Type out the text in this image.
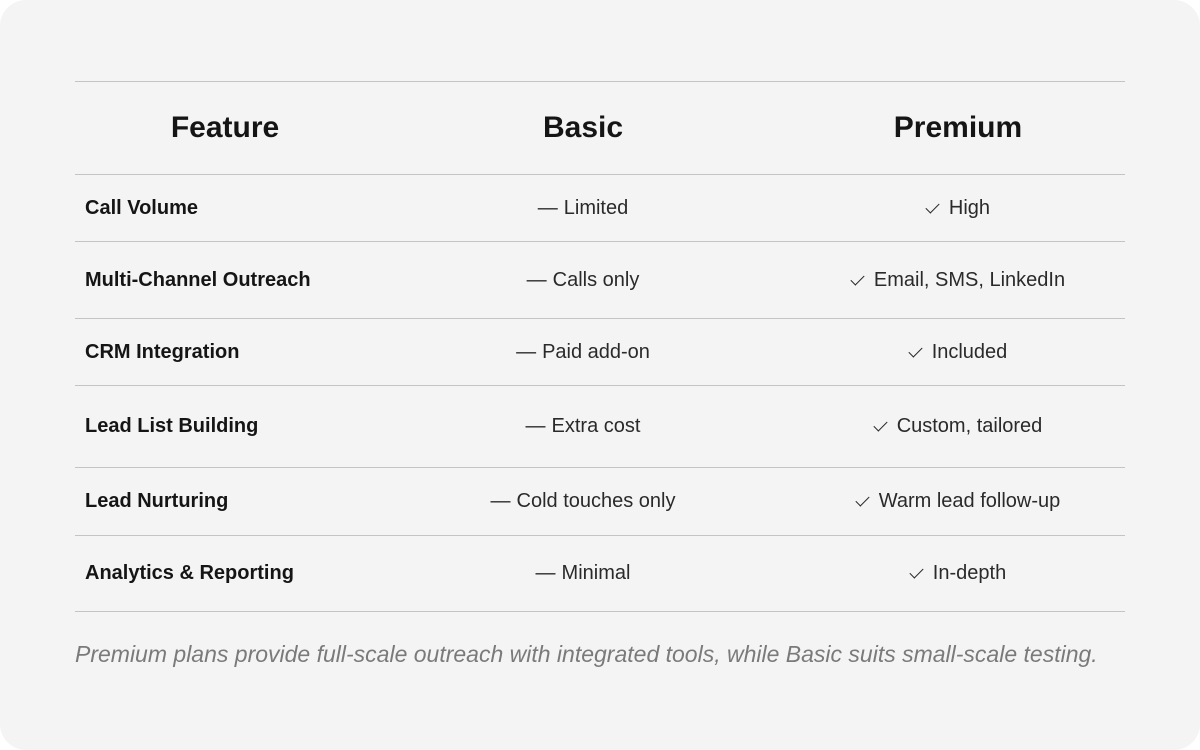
Feature	Basic	Premium
Call Volume	— Limited	High
Multi-Channel Outreach	— Calls only	Email, SMS, LinkedIn
CRM Integration	— Paid add-on	Included
Lead List Building	— Extra cost	Custom, tailored
Lead Nurturing	— Cold touches only	Warm lead follow-up
Analytics & Reporting	— Minimal	In-depth

Premium plans provide full-scale outreach with integrated tools, while Basic suits small-scale testing.
